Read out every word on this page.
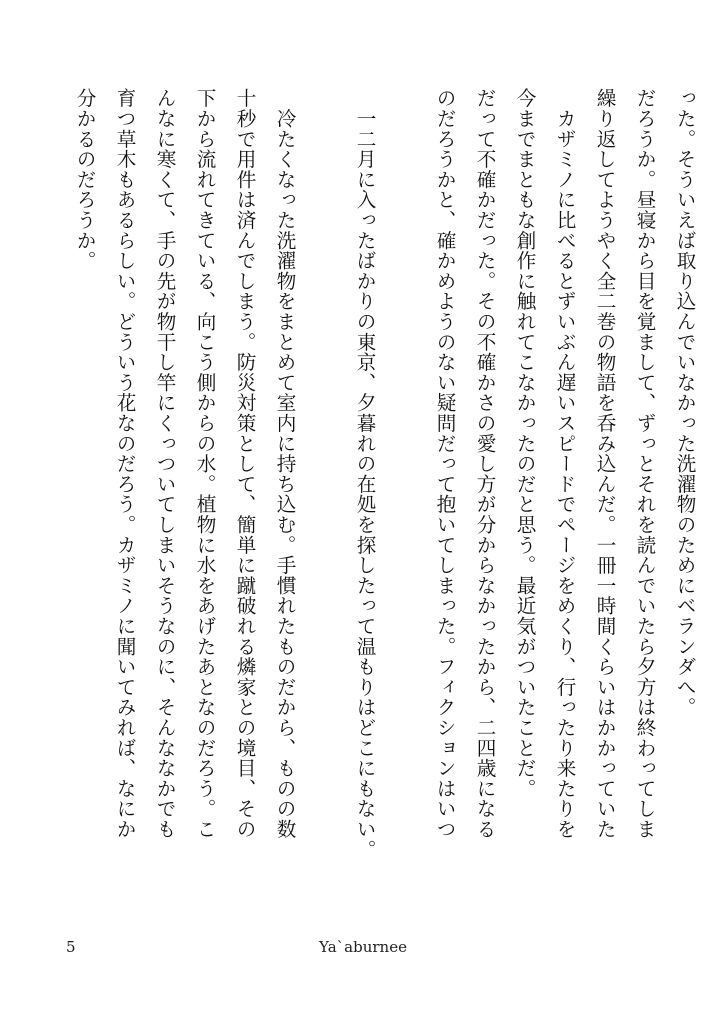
った。そういえば取り込んでいなかった洗濯物のためにベランダへ。
だろうか。昼寝から目を覚まして、ずっとそれを読んでいたら夕方は終わってしま
繰り返してようやく全二巻の物語を呑み込んだ。一冊一時間くらいはかかっていた
　カザミノに比べるとずいぶん遅いスピードでページをめくり、行ったり来たりを
今までまともな創作に触れてこなかったのだと思う。最近気がついたことだ。
だって不確かだった。その不確かさの愛し方が分からなかったから、二四歳になる
のだろうかと、確かめようのない疑問だって抱いてしまった。フィクションはいつ
　一二月に入ったばかりの東京、夕暮れの在処を探したって温もりはどこにもない。
　冷たくなった洗濯物をまとめて室内に持ち込む。手慣れたものだから、ものの数
十秒で用件は済んでしまう。防災対策として、簡単に蹴破れる燐家との境目、その
下から流れてきている、向こう側からの水。植物に水をあげたあとなのだろう。こ
んなに寒くて、手の先が物干し竿にくっついてしまいそうなのに、そんななかでも
育つ草木もあるらしい。どういう花なのだろう。カザミノに聞いてみれば、なにか
分かるのだろうか。
5	Ya`aburnee
